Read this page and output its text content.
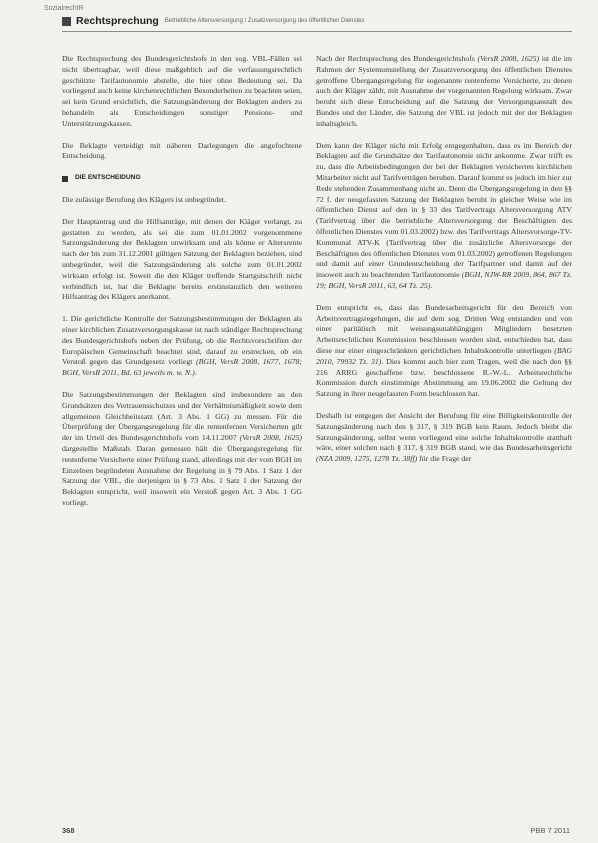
SozialrechtR
Rechtsprechung Betriebliche Altersversorgung / Zusatzversorgung des öffentlichen Dienstes

Die Rechtsprechung des Bundesgerichtshofs in den sog. VBL-Fällen sei nicht übertragbar, weil diese maßgeblich auf die verfassungsrechtlich geschützte Tarifautonomie abstelle, die hier ohne Bedeutung sei. Da vorliegend auch keine kirchenrechtlichen Besonderheiten zu beachten seien, sei kein Grund ersichtlich, die Satzungsänderung der Beklagten anders zu behandeln als Entscheidungen sonstiger Pensions- und Unterstützungskassen.

Die Beklagte verteidigt mit näheren Darlegungen die angefochtene Entscheidung.

DIE ENTSCHEIDUNG

Die zulässige Berufung des Klägers ist unbegründet.

Der Hauptantrag und die Hilfsanträge, mit denen der Kläger verlangt, zu gestatten zu werden, als sei die zum 01.01.2002 vorgenommene Satzungsänderung der Beklagten unwirksam und als könne er Altersrente nach der bis zum 31.12.2001 gültigen Satzung der Beklagten beziehen, sind unbegründet, weil die Satzungsänderung als solche zum 01.01.2002 wirksam erfolgt ist. Soweit die den Kläger treffende Startgutschrift nicht verbindlich ist, hat die Beklagte bereits erstinstanzlich den weiteren Hilfsantrag des Klägers anerkannt.

1. Die gerichtliche Kontrolle der Satzungsbestimmungen der Beklagten als einer kirchlichen Zusatzversorgungskasse ist nach ständiger Rechtsprechung des Bundesgerichtshofs neben der Prüfung, ob die Rechtsvorschriften der Europäischen Gemeinschaft beachtet sind, darauf zu erstrecken, ob ein Verstoß gegen das Grundgesetz vorliegt (BGH, VersR 2008, 1677, 1678; BGH, VersR 2011, Bd. 63 jeweils m. w. N.).

Die Satzungsbestimmungen der Beklagten sind insbesondere an den Grundsätzen des Vertrauensschutzes und der Verhältnismäßigkeit sowie dem allgemeinen Gleichheitssatz (Art. 3 Abs. 1 GG) zu messen. Für die Überprüfung der Übergangsregelung für die rentenfernen Versicherten gilt der im Urteil des Bundesgerichtshofs vom 14.11.2007 (VersR 2008, 1625) dargestellte Maßstab. Daran gemessen hält die Übergangsregelung für rentenferne Versicherte einer Prüfung stand, allerdings mit der vom BGH im Einzelnen begründeten Ausnahme der Regelung in § 79 Abs. 1 Satz 1 der Satzung der VBL, die derjenigen in § 73 Abs. 1 Satz 1 der Satzung der Beklagten entspricht, weil insoweit ein Verstoß gegen Art. 3 Abs. 1 GG vorliegt.

Nach der Rechtsprechung des Bundesgerichtshofs (VersR 2008, 1625) ist die im Rahmen der Systemumstellung der Zusatzversorgung des öffentlichen Dienstes getroffene Übergangsregelung für sogenannte rentenferne Versicherte, zu denen auch der Kläger zählt, mit Ausnahme der vorgenannten Regelung wirksam. Zwar beruht sich diese Entscheidung auf die Satzung der Versorgungsanstalt des Bundes und der Länder, die Satzung der VBL ist jedoch mit der der Beklagten inhaltsgleich.

Dem kann der Kläger nicht mit Erfolg entgegenhalten, dass es im Bereich der Beklagten auf die Grundsätze der Tarifautonomie nicht ankomme. Zwar trifft es zu, dass die Arbeitsbedingungen der bei der Beklagten versicherten kirchlichen Mitarbeiter nicht auf Tarifverträgen beruhen. Darauf kommt es jedoch im hier zur Rede stehenden Zusammenhang nicht an. Denn die Übergangsregelung in den §§ 72 f. der neugefassten Satzung der Beklagten beruht in gleicher Weise wie im öffentlichen Dienst auf den in § 33 des Tarifvertrags Altersversorgung ATV (Tarifvertrag über die betriebliche Altersversorgung der Beschäftigten des öffentlichen Dienstes vom 01.03.2002) bzw. des Tarifvertrags Altersvorsorge-TV-Kommunal ATV-K (Tarifvertrag über die zusätzliche Altersvorsorge der Beschäftigten des öffentlichen Dienstes vom 01.03.2002) getroffenen Regelungen und damit auf einer Grundentscheidung der Tarifpartner und damit auf der insoweit auch zu beachtenden Tarifautonomie (BGH, NJW-RR 2009, 864, 867 Tz. 19; BGH, VersR 2011, 63, 64 Tz. 25).

Dem entspricht es, dass das Bundesarbeitsgericht für den Bereich von Arbeitsvertragsregelungen, die auf dem sog. Dritten Weg entstanden und von einer paritätisch mit weisungsunabhängigen Mitgliedern besetzten Arbeitsrechtlichen Kommission beschlossen worden sind, entschieden hat, dass diese nur einer eingeschränkten gerichtlichen Inhaltskontrolle unterliegen (BAG 2010, 79932 Tz. 31). Dies kommt auch hier zum Tragen, weil die nach den §§ 216 ARRG geschaffene bzw. beschlossene R.-W.-L. Arbeitsrechtliche Kommission durch einstimmige Abstimmung am 19.06.2002 die Geltung der Satzung in ihrer neugefassten Form beschlossen hat.

Deshalb ist entgegen der Ansicht der Berufung für eine Billigkeitskontrolle der Satzungsänderung nach den § 317, § 319 BGB kein Raum. Jedoch bleibt die Satzungsänderung, selbst wenn vorliegend eine solche Inhaltskontrolle statthaft wäre, einer solchen nach § 317, § 319 BGB stand, wie das Bundesarbeitsgericht (NZA 2009, 1275, 1278 Tz. 38ff) für die Frage der

368	PBB 7 2011
